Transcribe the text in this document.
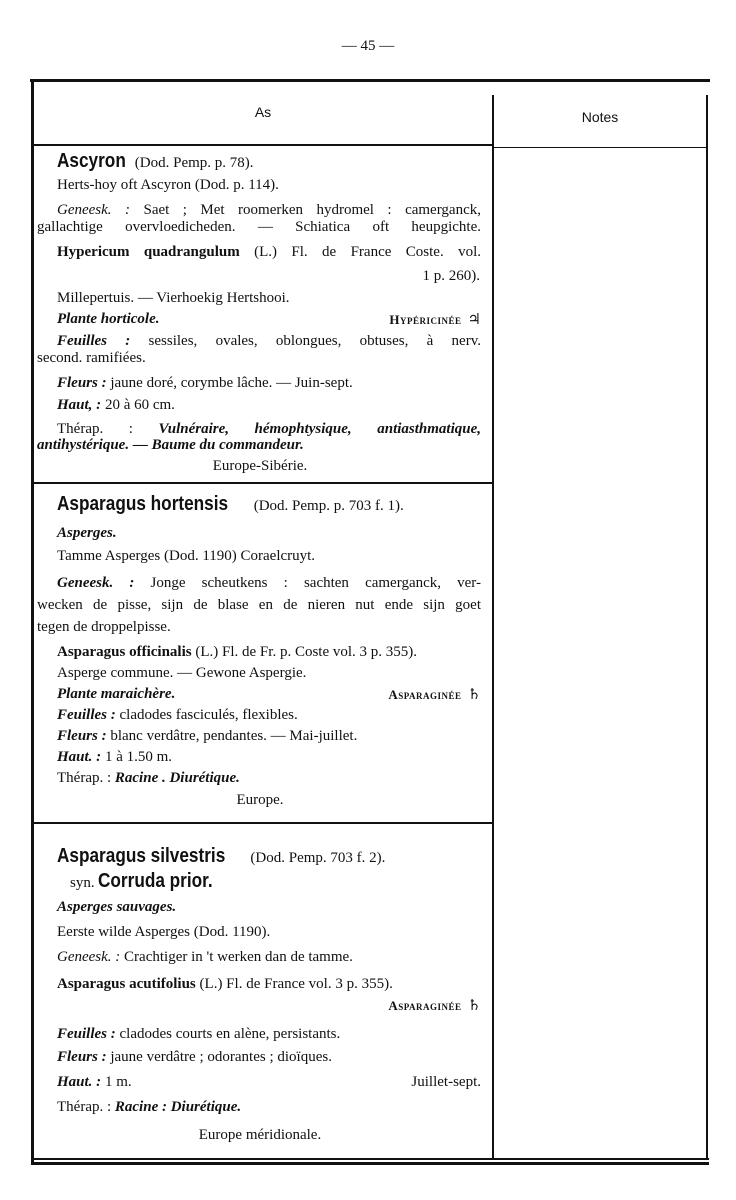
— 45 —
As	Notes
Ascyron (Dod. Pemp. p. 78).
Herts-hoy oft Ascyron (Dod. p. 114).
Geneesk. : Saet ; Met roomerken hydromel : camerganck,
gallachtige overvloedicheden. — Schiatica oft heupgichte.
Hypericum quadrangulum (L.) Fl. de France Coste. vol.
1 p. 260).
Millepertuis. — Vierhoekig Hertshooi.
Plante horticole.	Hypéricinée ♃
Feuilles : sessiles, ovales, oblongues, obtuses, à nerv.
second. ramifiées.
Fleurs : jaune doré, corymbe lâche. — Juin-sept.
Haut, : 20 à 60 cm.
Thérap. : Vulnéraire, hémophtysique, antiasthmatique,
antihystérique. — Baume du commandeur.
Europe-Sibérie.
Asparagus hortensis (Dod. Pemp. p. 703 f. 1).
Asperges.
Tamme Asperges (Dod. 1190) Coraelcruyt.
Geneesk. : Jonge scheutkens : sachten camerganck, ver-
wecken de pisse, sijn de blase en de nieren nut ende sijn goet
tegen de droppelpisse.
Asparagus officinalis (L.) Fl. de Fr. p. Coste vol. 3 p. 355).
Asperge commune. — Gewone Aspergie.
Plante maraichère.	Asparaginée ♄
Feuilles : cladodes fasciculés, flexibles.
Fleurs : blanc verdâtre, pendantes. — Mai-juillet.
Haut. : 1 à 1.50 m.
Thérap. : Racine . Diurétique.
Europe.
Asparagus silvestris (Dod. Pemp. 703 f. 2).
syn. Corruda prior.
Asperges sauvages.
Eerste wilde Asperges (Dod. 1190).
Geneesk. : Crachtiger in 't werken dan de tamme.
Asparagus acutifolius (L.) Fl. de France vol. 3 p. 355).
Asparaginée ♄
Feuilles : cladodes courts en alène, persistants.
Fleurs : jaune verdâtre ; odorantes ; dioïques.
Haut. : 1 m.	Juillet-sept.
Thérap. : Racine : Diurétique.
Europe méridionale.
